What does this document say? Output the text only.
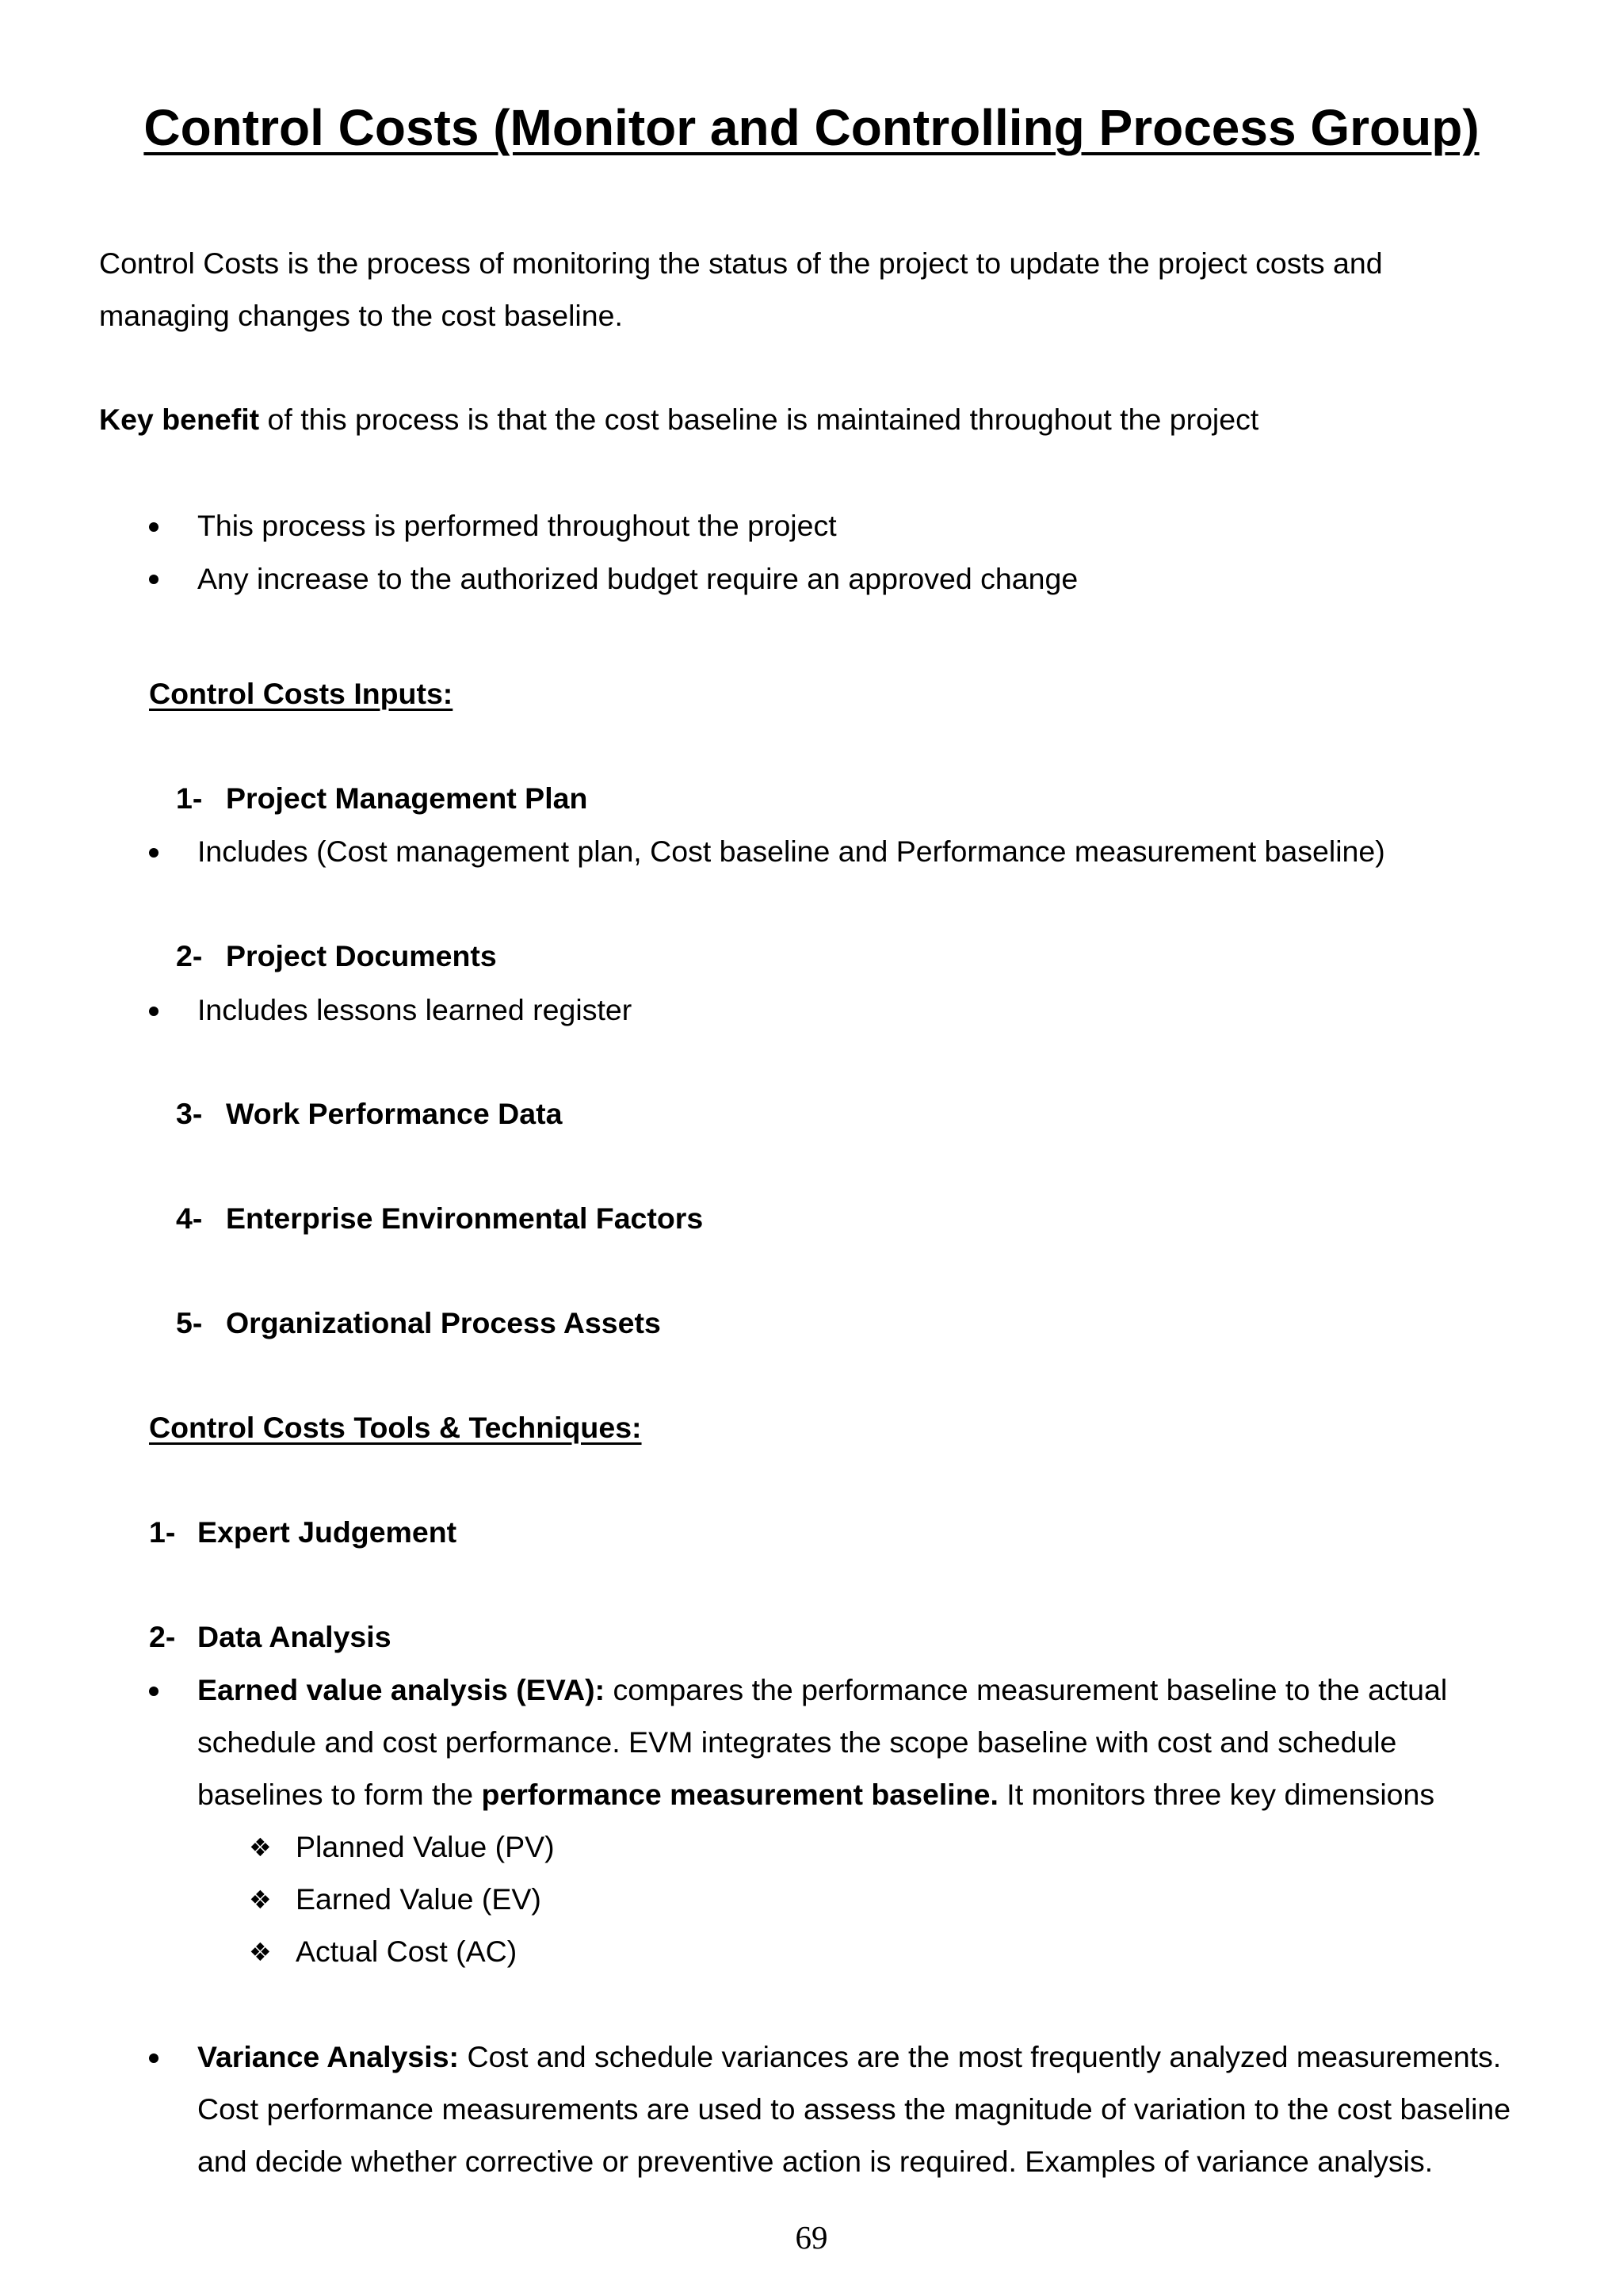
Control Costs (Monitor and Controlling Process Group)
Control Costs is the process of monitoring the status of the project to update the project costs and
managing changes to the cost baseline.
Key benefit of this process is that the cost baseline is maintained throughout the project
This process is performed throughout the project
Any increase to the authorized budget require an approved change
Control Costs Inputs:
1- Project Management Plan
Includes (Cost management plan, Cost baseline and Performance measurement baseline)
2- Project Documents
Includes lessons learned register
3- Work Performance Data
4- Enterprise Environmental Factors
5- Organizational Process Assets
Control Costs Tools & Techniques:
1- Expert Judgement
2- Data Analysis
Earned value analysis (EVA): compares the performance measurement baseline to the actual
schedule and cost performance. EVM integrates the scope baseline with cost and schedule
baselines to form the performance measurement baseline. It monitors three key dimensions
❖ Planned Value (PV)
❖ Earned Value (EV)
❖ Actual Cost (AC)
Variance Analysis: Cost and schedule variances are the most frequently analyzed measurements.
Cost performance measurements are used to assess the magnitude of variation to the cost baseline
and decide whether corrective or preventive action is required. Examples of variance analysis.
69
